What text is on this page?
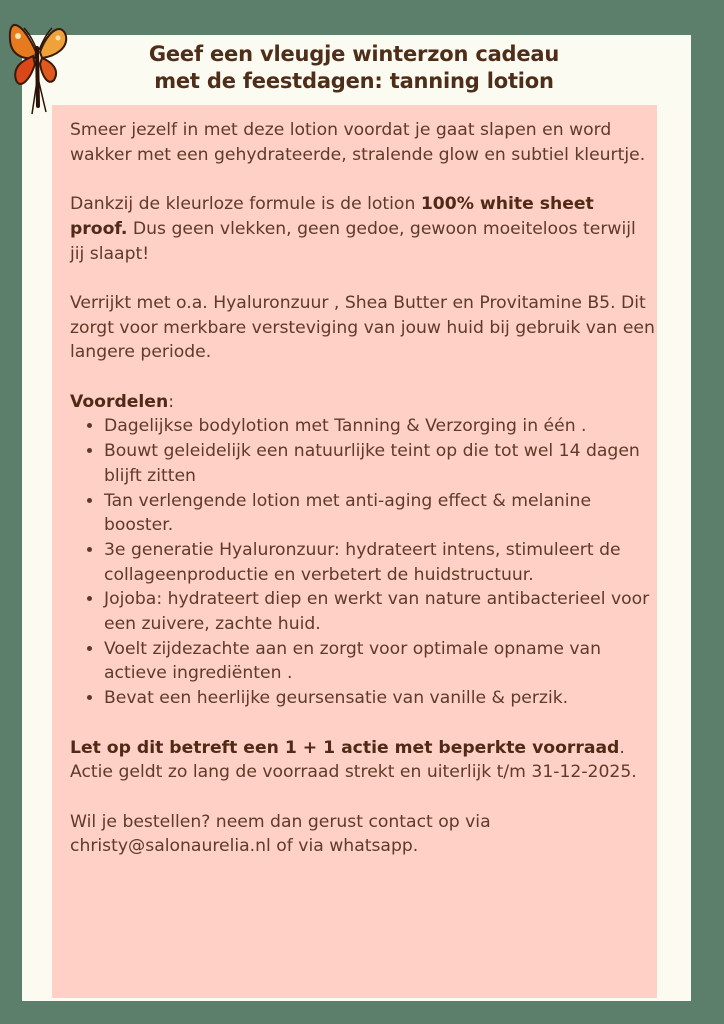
Geef een vleugje winterzon cadeau
met de feestdagen: tanning lotion

Smeer jezelf in met deze lotion voordat je gaat slapen en word wakker met een gehydrateerde, stralende glow en subtiel kleurtje.

Dankzij de kleurloze formule is de lotion 100% white sheet proof. Dus geen vlekken, geen gedoe, gewoon moeiteloos terwijl jij slaapt!

Verrijkt met o.a. Hyaluronzuur , Shea Butter en Provitamine B5. Dit zorgt voor merkbare versteviging van jouw huid bij gebruik van een langere periode.

Voordelen:

• Dagelijkse bodylotion met Tanning & Verzorging in één .
• Bouwt geleidelijk een natuurlijke teint op die tot wel 14 dagen blijft zitten
• Tan verlengende lotion met anti-aging effect & melanine booster.
• 3e generatie Hyaluronzuur: hydrateert intens, stimuleert de collageenproductie en verbetert de huidstructuur.
• Jojoba: hydrateert diep en werkt van nature antibacterieel voor een zuivere, zachte huid.
• Voelt zijdezachte aan en zorgt voor optimale opname van actieve ingrediënten .
• Bevat een heerlijke geursensatie van vanille & perzik.

Let op dit betreft een 1 + 1 actie met beperkte voorraad. Actie geldt zo lang de voorraad strekt en uiterlijk t/m 31-12-2025.

Wil je bestellen? neem dan gerust contact op via christy@salonaurelia.nl of via whatsapp.
